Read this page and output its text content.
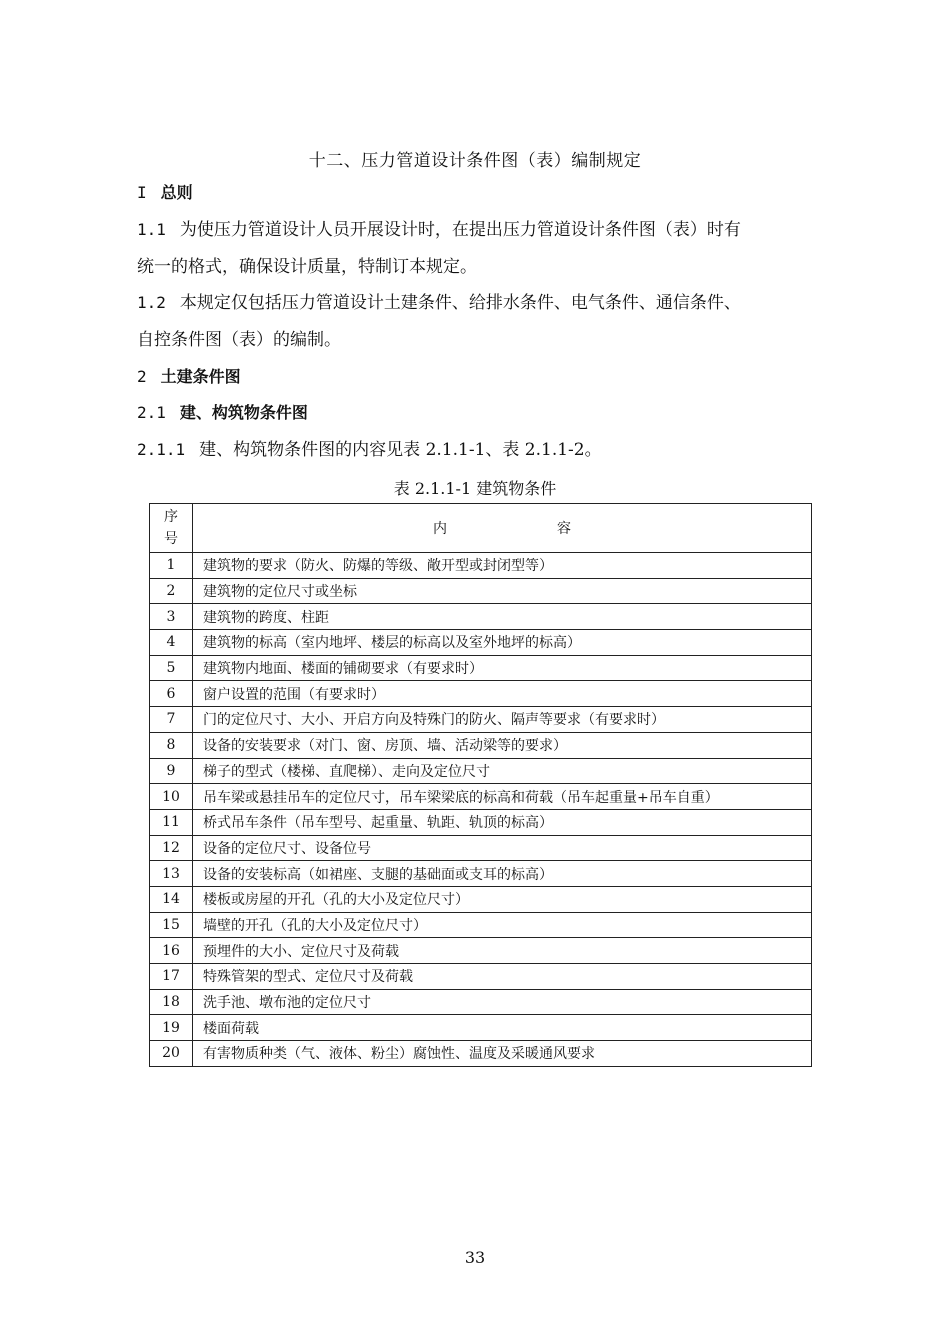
十二、压力管道设计条件图（表）编制规定
I 总则
1.1 为使压力管道设计人员开展设计时，在提出压力管道设计条件图（表）时有
统一的格式，确保设计质量，特制订本规定。
1.2 本规定仅包括压力管道设计土建条件、给排水条件、电气条件、通信条件、
自控条件图（表）的编制。
2 土建条件图
2.1 建、构筑物条件图
2.1.1 建、构筑物条件图的内容见表 2.1.1-1、表 2.1.1-2。
表 2.1.1-1 建筑物条件
序
号	内 容
1	建筑物的要求（防火、防爆的等级、敞开型或封闭型等）
2	建筑物的定位尺寸或坐标
3	建筑物的跨度、柱距
4	建筑物的标高（室内地坪、楼层的标高以及室外地坪的标高）
5	建筑物内地面、楼面的铺砌要求（有要求时）
6	窗户设置的范围（有要求时）
7	门的定位尺寸、大小、开启方向及特殊门的防火、隔声等要求（有要求时）
8	设备的安装要求（对门、窗、房顶、墙、活动梁等的要求）
9	梯子的型式（楼梯、直爬梯）、走向及定位尺寸
10	吊车梁或悬挂吊车的定位尺寸，吊车梁梁底的标高和荷载（吊车起重量+吊车自重）
11	桥式吊车条件（吊车型号、起重量、轨距、轨顶的标高）
12	设备的定位尺寸、设备位号
13	设备的安装标高（如裙座、支腿的基础面或支耳的标高）
14	楼板或房屋的开孔（孔的大小及定位尺寸）
15	墙壁的开孔（孔的大小及定位尺寸）
16	预埋件的大小、定位尺寸及荷载
17	特殊管架的型式、定位尺寸及荷载
18	洗手池、墩布池的定位尺寸
19	楼面荷载
20	有害物质种类（气、液体、粉尘）腐蚀性、温度及采暖通风要求
33
